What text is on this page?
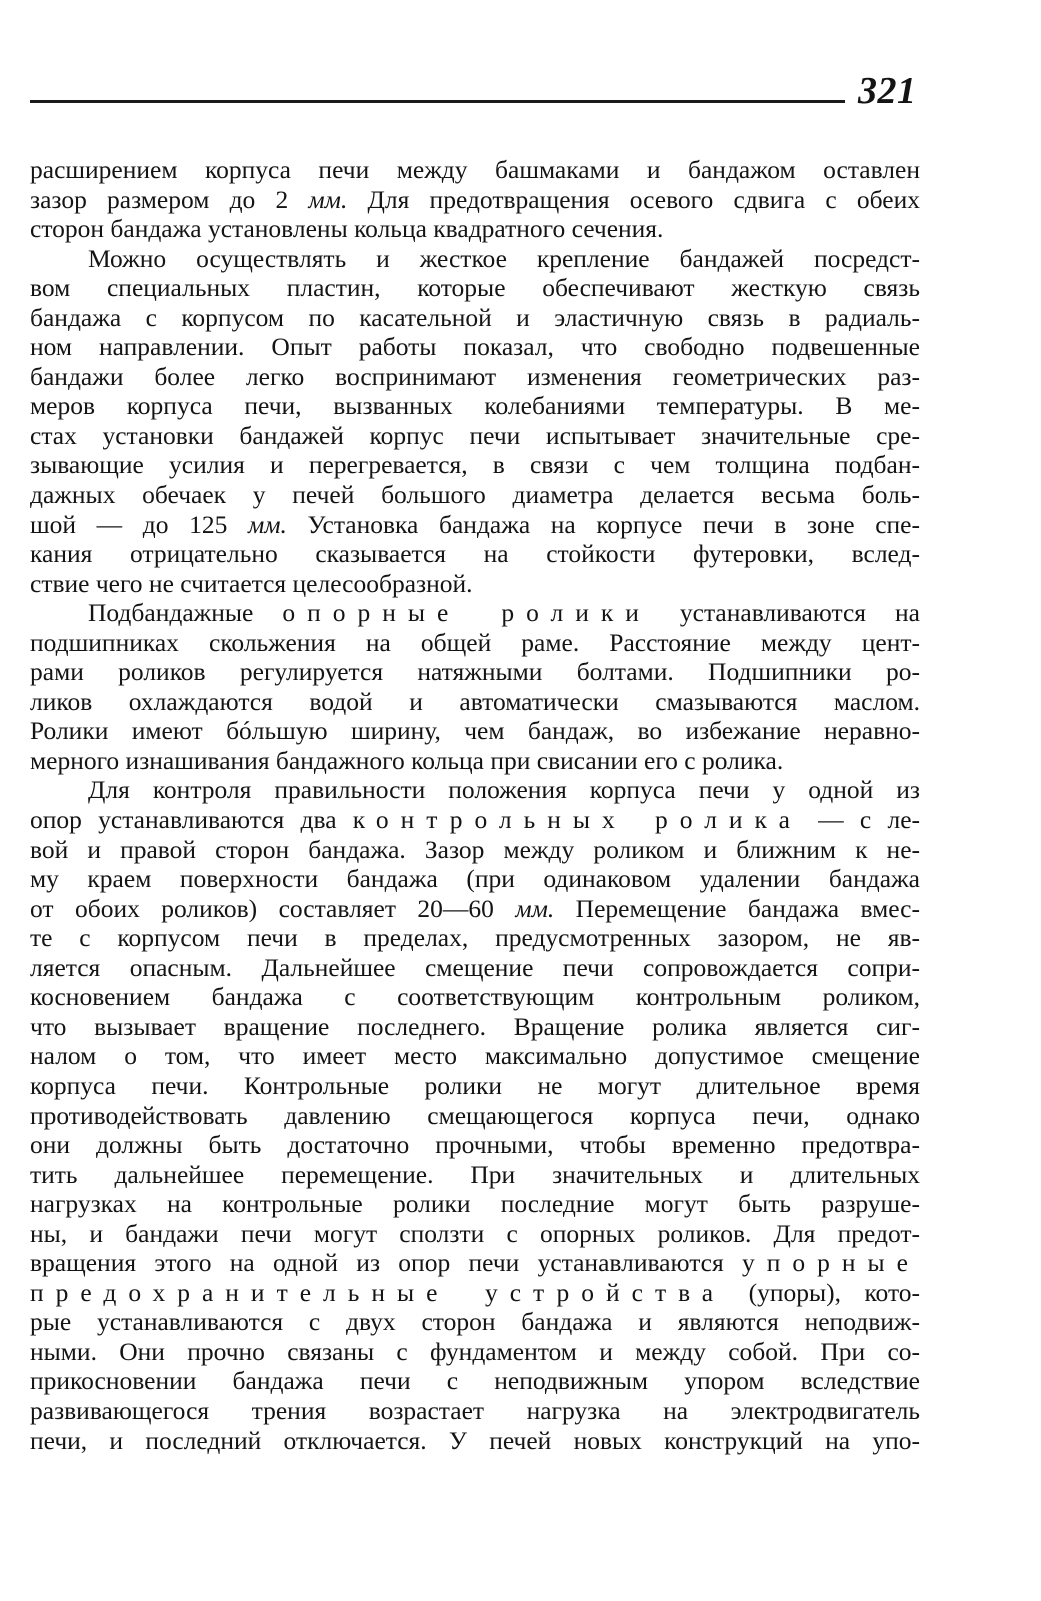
321
расширением корпуса печи между башмаками и бандажом оставлен
зазор размером до 2 мм. Для предотвращения осевого сдвига с обеих
сторон бандажа установлены кольца квадратного сечения.
Можно осуществлять и жесткое крепление бандажей посредст-
вом специальных пластин, которые обеспечивают жесткую связь
бандажа с корпусом по касательной и эластичную связь в радиаль-
ном направлении. Опыт работы показал, что свободно подвешенные
бандажи более легко воспринимают изменения геометрических раз-
меров корпуса печи, вызванных колебаниями температуры. В ме-
стах установки бандажей корпус печи испытывает значительные сре-
зывающие усилия и перегревается, в связи с чем толщина подбан-
дажных обечаек у печей большого диаметра делается весьма боль-
шой — до 125 мм. Установка бандажа на корпусе печи в зоне спе-
кания отрицательно сказывается на стойкости футеровки, вслед-
ствие чего не считается целесообразной.
Подбандажные опорные ролики устанавливаются на
подшипниках скольжения на общей раме. Расстояние между цент-
рами роликов регулируется натяжными болтами. Подшипники ро-
ликов охлаждаются водой и автоматически смазываются маслом.
Ролики имеют бóльшую ширину, чем бандаж, во избежание неравно-
мерного изнашивания бандажного кольца при свисании его с ролика.
Для контроля правильности положения корпуса печи у одной из
опор устанавливаются два контрольных ролика — с ле-
вой и правой сторон бандажа. Зазор между роликом и ближним к не-
му краем поверхности бандажа (при одинаковом удалении бандажа
от обоих роликов) составляет 20—60 мм. Перемещение бандажа вмес-
те с корпусом печи в пределах, предусмотренных зазором, не яв-
ляется опасным. Дальнейшее смещение печи сопровождается сопри-
косновением бандажа с соответствующим контрольным роликом,
что вызывает вращение последнего. Вращение ролика является сиг-
налом о том, что имеет место максимально допустимое смещение
корпуса печи. Контрольные ролики не могут длительное время
противодействовать давлению смещающегося корпуса печи, однако
они должны быть достаточно прочными, чтобы временно предотвра-
тить дальнейшее перемещение. При значительных и длительных
нагрузках на контрольные ролики последние могут быть разруше-
ны, и бандажи печи могут сползти с опорных роликов. Для предот-
вращения этого на одной из опор печи устанавливаются упорные
предохранительные устройства (упоры), кото-
рые устанавливаются с двух сторон бандажа и являются неподвиж-
ными. Они прочно связаны с фундаментом и между собой. При со-
прикосновении бандажа печи с неподвижным упором вследствие
развивающегося трения возрастает нагрузка на электродвигатель
печи, и последний отключается. У печей новых конструкций на упо-
